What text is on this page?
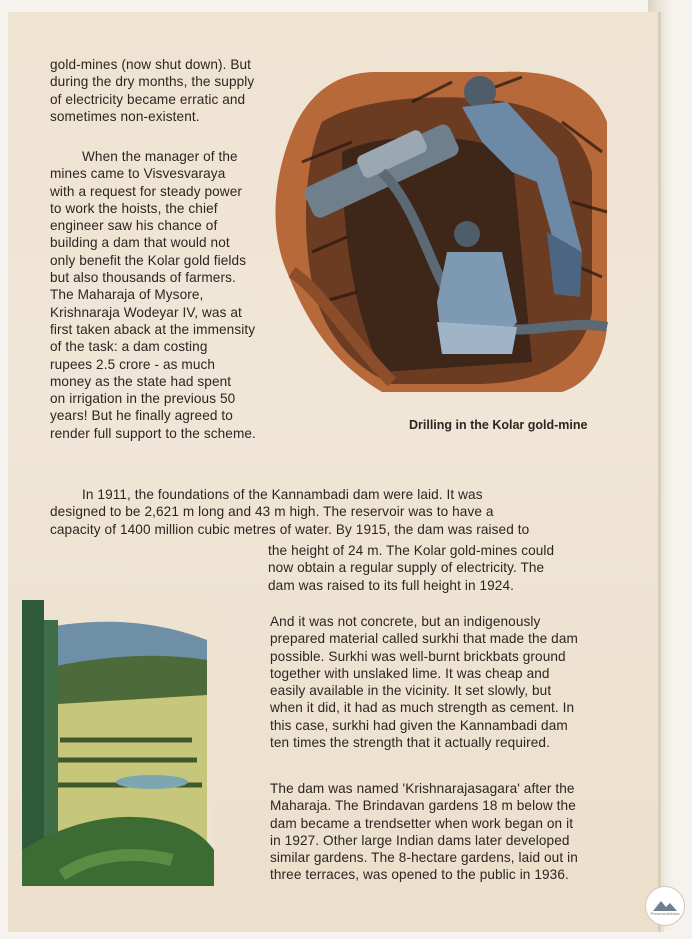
gold-mines (now shut down). But
during the dry months, the supply
of electricity became erratic and
sometimes non-existent.
When the manager of the
mines came to Visvesvaraya
with a request for steady power
to work the hoists, the chief
engineer saw his chance of
building a dam that would not
only benefit the Kolar gold fields
but also thousands of farmers.
The Maharaja of Mysore,
Krishnaraja Wodeyar IV, was at
first taken aback at the immensity
of the task: a dam costing
rupees 2.5 crore - as much
money as the state had spent
on irrigation in the previous 50
years! But he finally agreed to
render full support to the scheme.
Drilling in the Kolar gold-mine
In 1911, the foundations of the Kannambadi dam were laid. It was
designed to be 2,621 m long and 43 m high. The reservoir was to have a
capacity of 1400 million cubic metres of water. By 1915, the dam was raised to
the height of 24 m. The Kolar gold-mines could
now obtain a regular supply of electricity. The
dam was raised to its full height in 1924.
And it was not concrete, but an indigenously
prepared material called surkhi that made the dam
possible. Surkhi was well-burnt brickbats ground
together with unslaked lime. It was cheap and
easily available in the vicinity. It set slowly, but
when it did, it had as much strength as cement. In
this case, surkhi had given the Kannambadi dam
ten times the strength that it actually required.
The dam was named 'Krishnarajasagara' after the
Maharaja. The Brindavan gardens 18 m below the
dam became a trendsetter when work began on it
in 1927. Other large Indian dams later developed
similar gardens. The 8-hectare gardens, laid out in
three terraces, was opened to the public in 1936.
PreserveArticles
